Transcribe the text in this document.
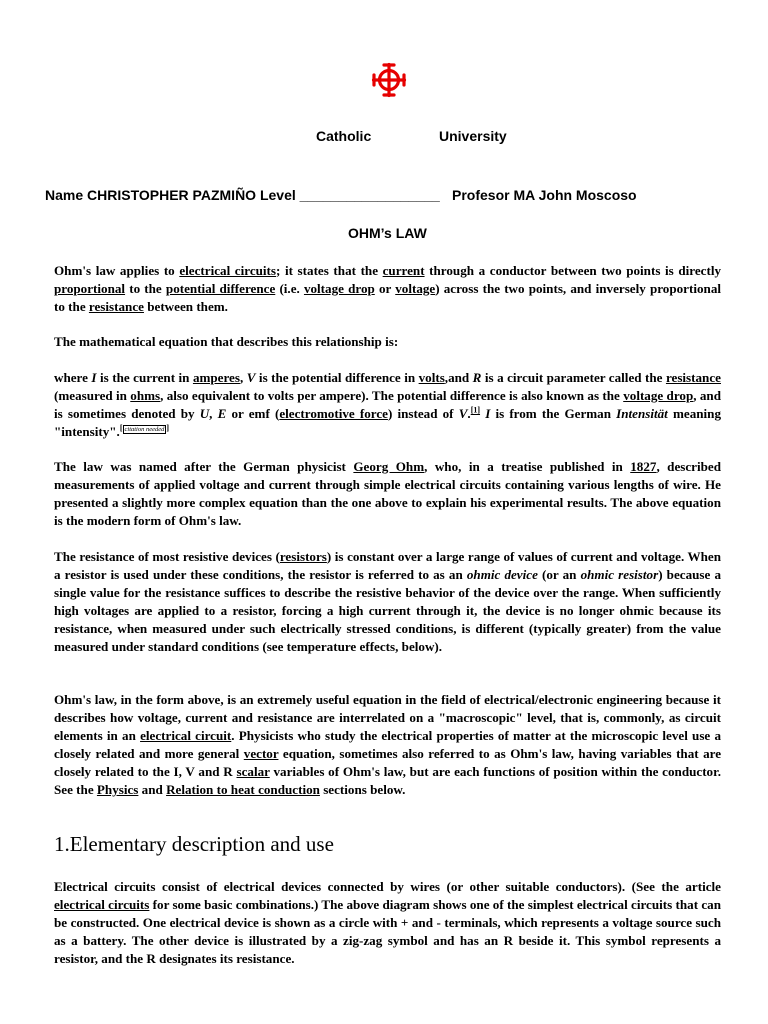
Catholic	University
Name CHRISTOPHER PAZMIÑO Level __________________ Profesor MA John Moscoso
OHM’s LAW

Ohm's law applies to electrical circuits; it states that the current through a conductor between two points is directly proportional to the potential difference (i.e. voltage drop or voltage) across the two points, and inversely proportional to the resistance between them.

The mathematical equation that describes this relationship is:

where I is the current in amperes, V is the potential difference in volts,and R is a circuit parameter called the resistance (measured in ohms, also equivalent to volts per ampere). The potential difference is also known as the voltage drop, and is sometimes denoted by U, E or emf (electromotive force) instead of V.[1] I is from the German Intensität meaning "intensity".[ $^{citation needed}$ ]

The law was named after the German physicist Georg Ohm, who, in a treatise published in 1827, described measurements of applied voltage and current through simple electrical circuits containing various lengths of wire. He presented a slightly more complex equation than the one above to explain his experimental results. The above equation is the modern form of Ohm's law.

The resistance of most resistive devices (resistors) is constant over a large range of values of current and voltage. When a resistor is used under these conditions, the resistor is referred to as an ohmic device (or an ohmic resistor) because a single value for the resistance suffices to describe the resistive behavior of the device over the range. When sufficiently high voltages are applied to a resistor, forcing a high current through it, the device is no longer ohmic because its resistance, when measured under such electrically stressed conditions, is different (typically greater) from the value measured under standard conditions (see temperature effects, below).

Ohm's law, in the form above, is an extremely useful equation in the field of electrical/electronic engineering because it describes how voltage, current and resistance are interrelated on a "macroscopic" level, that is, commonly, as circuit elements in an electrical circuit. Physicists who study the electrical properties of matter at the microscopic level use a closely related and more general vector equation, sometimes also referred to as Ohm's law, having variables that are closely related to the I, V and R scalar variables of Ohm's law, but are each functions of position within the conductor. See the Physics and Relation to heat conduction sections below.

1.Elementary description and use

Electrical circuits consist of electrical devices connected by wires (or other suitable conductors). (See the article electrical circuits for some basic combinations.) The above diagram shows one of the simplest electrical circuits that can be constructed. One electrical device is shown as a circle with + and - terminals, which represents a voltage source such as a battery. The other device is illustrated by a zig-zag symbol and has an R beside it. This symbol represents a resistor, and the R designates its resistance.
